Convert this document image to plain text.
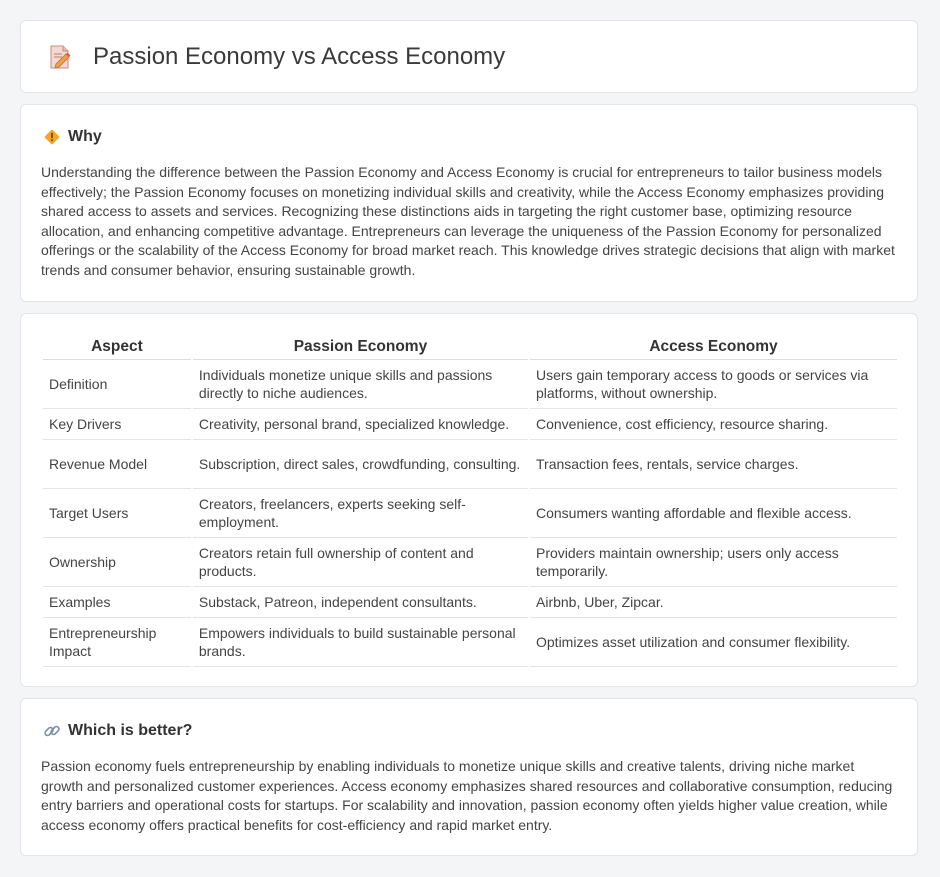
Passion Economy vs Access Economy
Why
Understanding the difference between the Passion Economy and Access Economy is crucial for entrepreneurs to tailor business models effectively; the Passion Economy focuses on monetizing individual skills and creativity, while the Access Economy emphasizes providing shared access to assets and services. Recognizing these distinctions aids in targeting the right customer base, optimizing resource allocation, and enhancing competitive advantage. Entrepreneurs can leverage the uniqueness of the Passion Economy for personalized offerings or the scalability of the Access Economy for broad market reach. This knowledge drives strategic decisions that align with market trends and consumer behavior, ensuring sustainable growth.
Aspect	Passion Economy	Access Economy
Definition	Individuals monetize unique skills and passions directly to niche audiences.	Users gain temporary access to goods or services via platforms, without ownership.
Key Drivers	Creativity, personal brand, specialized knowledge.	Convenience, cost efficiency, resource sharing.
Revenue Model	Subscription, direct sales, crowdfunding, consulting.	Transaction fees, rentals, service charges.
Target Users	Creators, freelancers, experts seeking self-employment.	Consumers wanting affordable and flexible access.
Ownership	Creators retain full ownership of content and products.	Providers maintain ownership; users only access temporarily.
Examples	Substack, Patreon, independent consultants.	Airbnb, Uber, Zipcar.
Entrepreneurship Impact	Empowers individuals to build sustainable personal brands.	Optimizes asset utilization and consumer flexibility.
Which is better?
Passion economy fuels entrepreneurship by enabling individuals to monetize unique skills and creative talents, driving niche market growth and personalized customer experiences. Access economy emphasizes shared resources and collaborative consumption, reducing entry barriers and operational costs for startups. For scalability and innovation, passion economy often yields higher value creation, while access economy offers practical benefits for cost-efficiency and rapid market entry.
